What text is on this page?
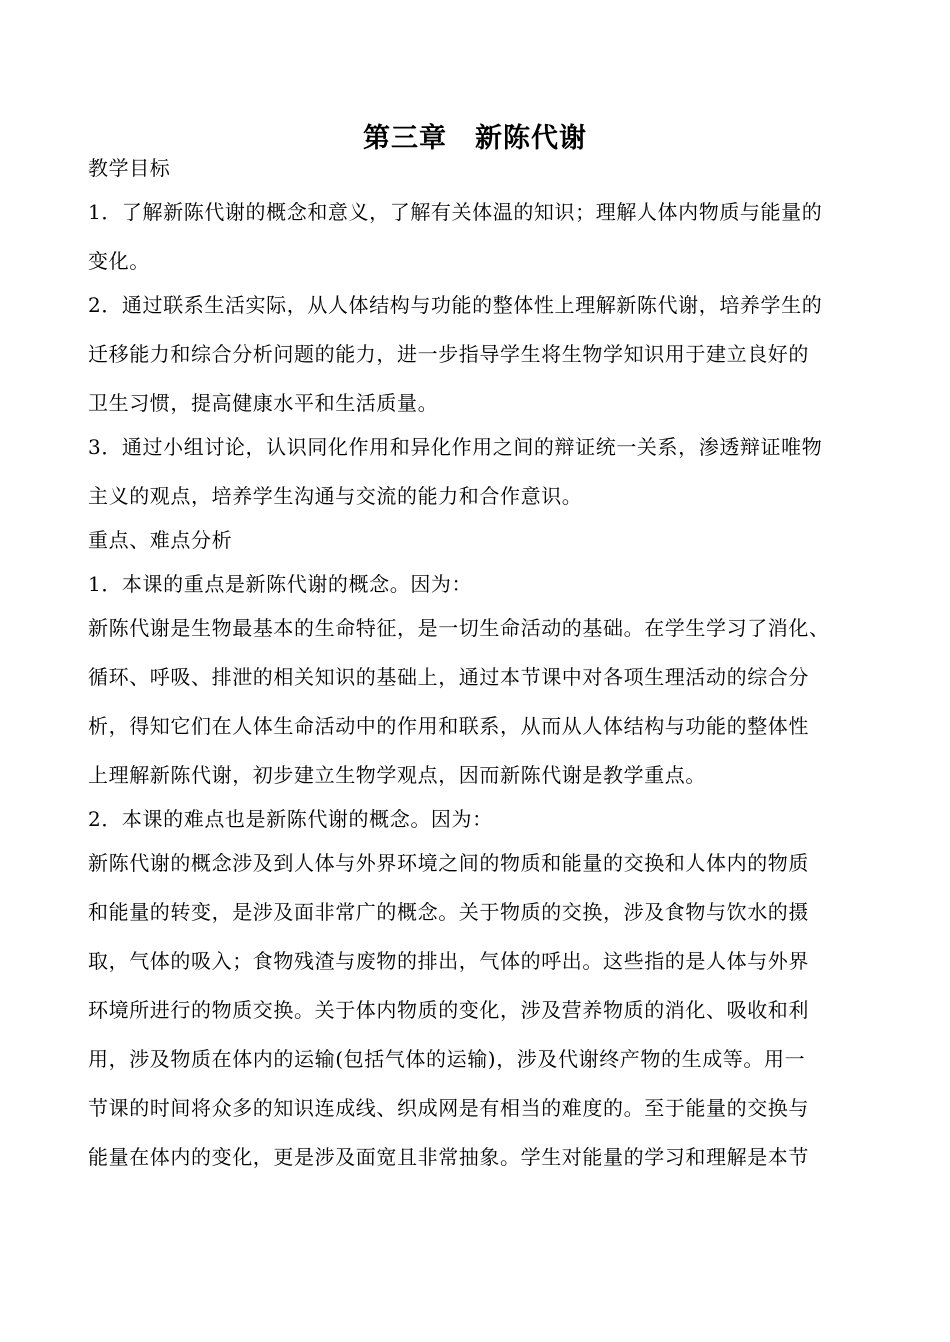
第三章　新陈代谢
教学目标
1．了解新陈代谢的概念和意义，了解有关体温的知识；理解人体内物质与能量的
变化。
2．通过联系生活实际，从人体结构与功能的整体性上理解新陈代谢，培养学生的
迁移能力和综合分析问题的能力，进一步指导学生将生物学知识用于建立良好的
卫生习惯，提高健康水平和生活质量。
3．通过小组讨论，认识同化作用和异化作用之间的辩证统一关系，渗透辩证唯物
主义的观点，培养学生沟通与交流的能力和合作意识。
重点、难点分析
1．本课的重点是新陈代谢的概念。因为：
新陈代谢是生物最基本的生命特征，是一切生命活动的基础。在学生学习了消化、
循环、呼吸、排泄的相关知识的基础上，通过本节课中对各项生理活动的综合分
析，得知它们在人体生命活动中的作用和联系，从而从人体结构与功能的整体性
上理解新陈代谢，初步建立生物学观点，因而新陈代谢是教学重点。
2．本课的难点也是新陈代谢的概念。因为：
新陈代谢的概念涉及到人体与外界环境之间的物质和能量的交换和人体内的物质
和能量的转变，是涉及面非常广的概念。关于物质的交换，涉及食物与饮水的摄
取，气体的吸入；食物残渣与废物的排出，气体的呼出。这些指的是人体与外界
环境所进行的物质交换。关于体内物质的变化，涉及营养物质的消化、吸收和利
用，涉及物质在体内的运输(包括气体的运输)，涉及代谢终产物的生成等。用一
节课的时间将众多的知识连成线、织成网是有相当的难度的。至于能量的交换与
能量在体内的变化，更是涉及面宽且非常抽象。学生对能量的学习和理解是本节
